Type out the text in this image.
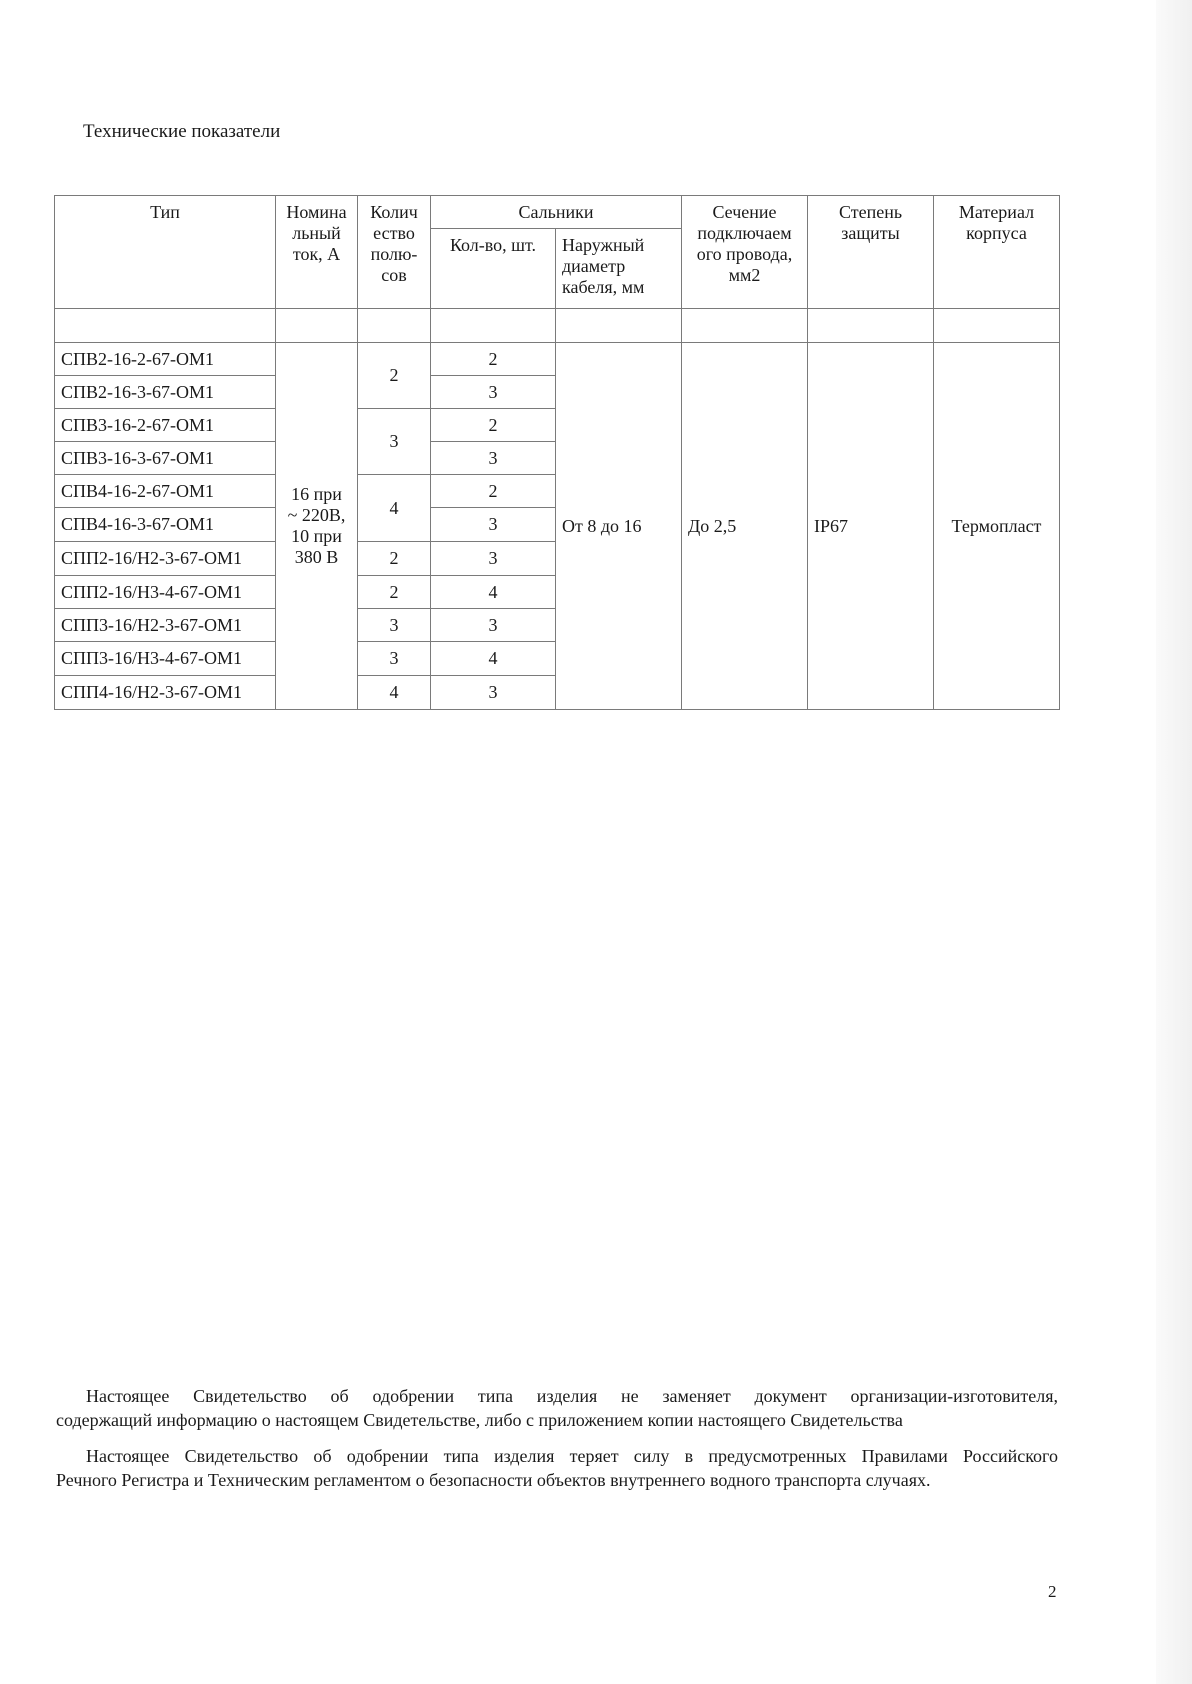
Технические показатели
Тип	Номина льный ток, А	Колич ество полю-сов	Сальники		Сечение подключаем ого провода, мм2	Степень защиты	Материал корпуса
			Кол-во, шт.	Наружный диаметр кабеля, мм			

СПВ2-16-2-67-ОМ1	16 при
~ 220В,
10 при
380 В	2	2	От 8 до 16	До 2,5	IP67	Термопласт
СПВ2-16-3-67-ОМ1			3				
СПВ3-16-2-67-ОМ1		3	2				
СПВ3-16-3-67-ОМ1			3				
СПВ4-16-2-67-ОМ1		4	2				
СПВ4-16-3-67-ОМ1			3				
СПП2-16/Н2-3-67-ОМ1		2	3				
СПП2-16/Н3-4-67-ОМ1		2	4				
СПП3-16/Н2-3-67-ОМ1		3	3				
СПП3-16/Н3-4-67-ОМ1		3	4				
СПП4-16/Н2-3-67-ОМ1		4	3				
Настоящее Свидетельство об одобрении типа изделия не заменяет документ организации-изготовителя,
содержащий информацию о настоящем Свидетельстве, либо с приложением копии настоящего Свидетельства
Настоящее Свидетельство об одобрении типа изделия теряет силу в предусмотренных Правилами Российского
Речного Регистра и Техническим регламентом о безопасности объектов внутреннего водного транспорта случаях.
2
